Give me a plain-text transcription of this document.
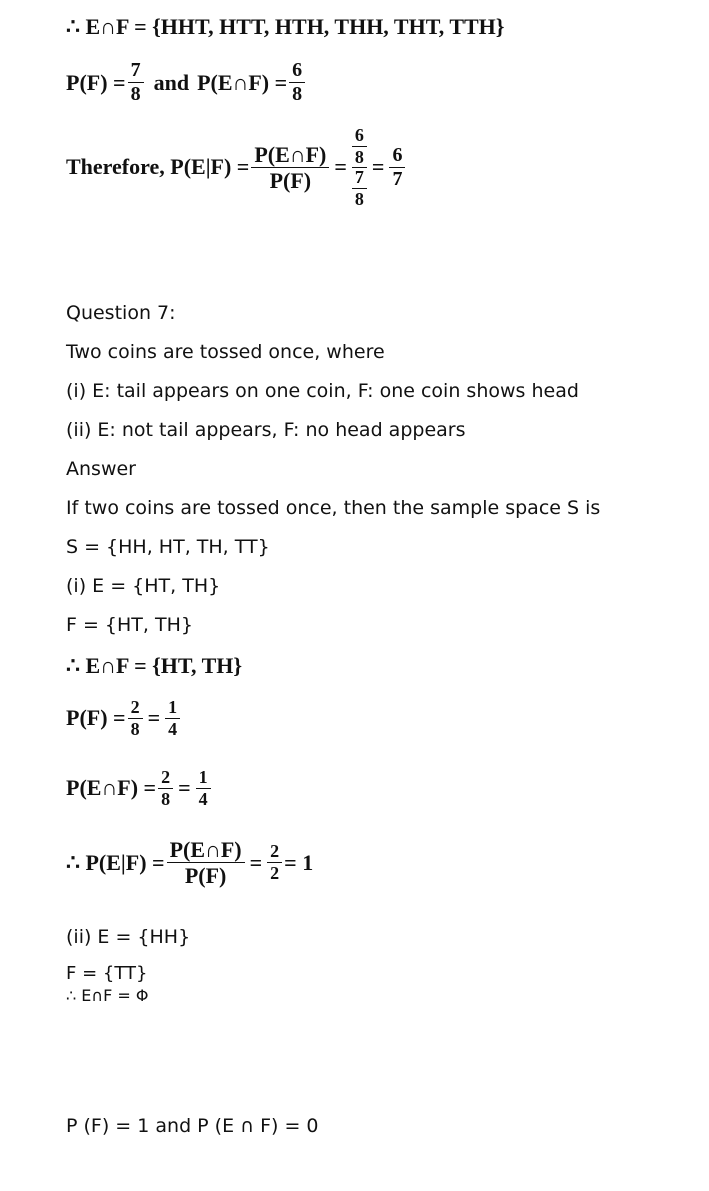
∴ E∩F = {HHT, HTT, HTH, THH, THT, TTH}
$P(F) = \frac{7}{8}$ and P(E∩F) = $\frac{6}{8}$
Therefore, $P(E|F) = \frac{P(E\cap F)}{P(F)} = \frac{\frac{6}{8}}{\frac{7}{8}} = \frac{6}{7}$
Question 7:
Two coins are tossed once, where
(i) E: tail appears on one coin, F: one coin shows head
(ii) E: not tail appears, F: no head appears
Answer
If two coins are tossed once, then the sample space S is
S = {HH, HT, TH, TT}
(i) E = {HT, TH}
F = {HT, TH}
∴ E∩F = {HT, TH}
$P(F) = \frac{2}{8} = \frac{1}{4}$
P(E∩F) = $\frac{2}{8} = \frac{1}{4}$
∴ $P(E|F) = \frac{P(E\cap F)}{P(F)} = \frac{2}{2} = 1$
(ii) E = {HH}
F = {TT}
∴ E∩F = Φ
P (F) = 1 and P (E ∩ F) = 0
